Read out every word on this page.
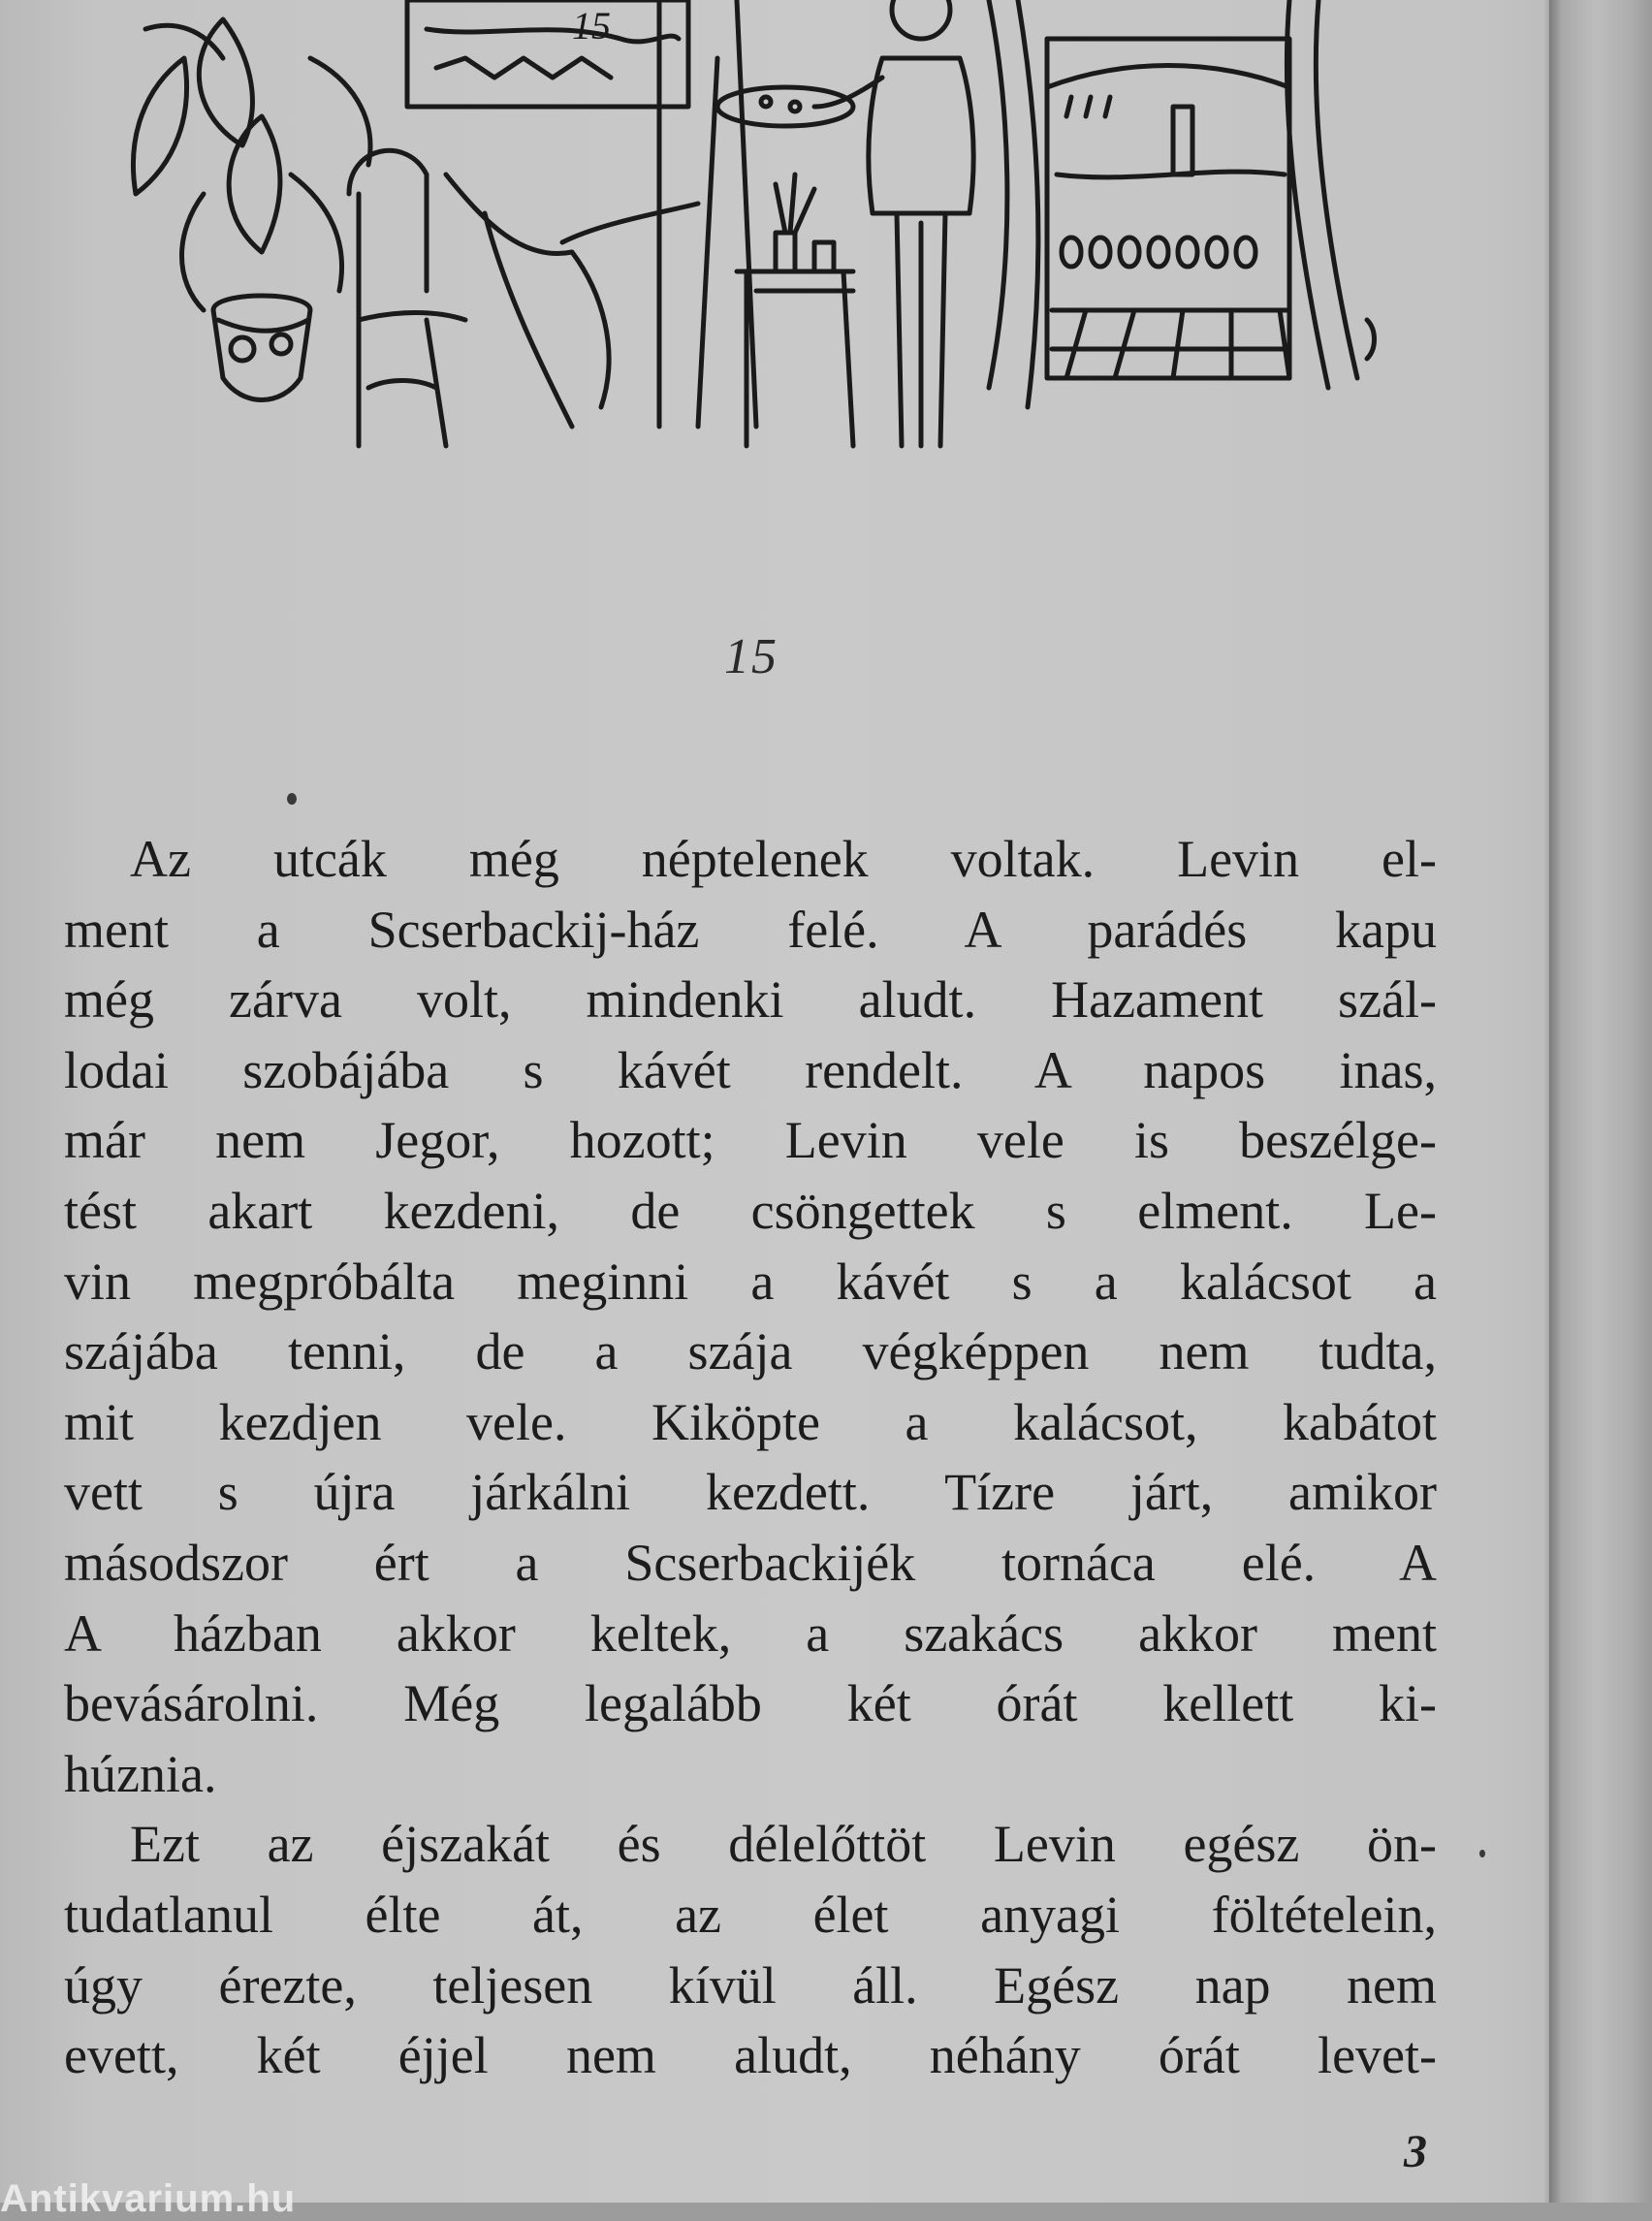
15
15
Az utcák még néptelenek voltak. Levin el-
ment a Scserbackij-ház felé. A parádés kapu
még zárva volt, mindenki aludt. Hazament szál-
lodai szobájába s kávét rendelt. A napos inas,
már nem Jegor, hozott; Levin vele is beszélge-
tést akart kezdeni, de csöngettek s elment. Le-
vin megpróbálta meginni a kávét s a kalácsot a
szájába tenni, de a szája végképpen nem tudta,
mit kezdjen vele. Kiköpte a kalácsot, kabátot
vett s újra járkálni kezdett. Tízre járt, amikor
másodszor ért a Scserbackijék tornáca elé. A
A házban akkor keltek, a szakács akkor ment
bevásárolni. Még legalább két órát kellett ki-
húznia.
Ezt az éjszakát és délelőttöt Levin egész ön-
tudatlanul élte át, az élet anyagi föltételein,
úgy érezte, teljesen kívül áll. Egész nap nem
evett, két éjjel nem aludt, néhány órát levet-
3
Antikvarium.hu
